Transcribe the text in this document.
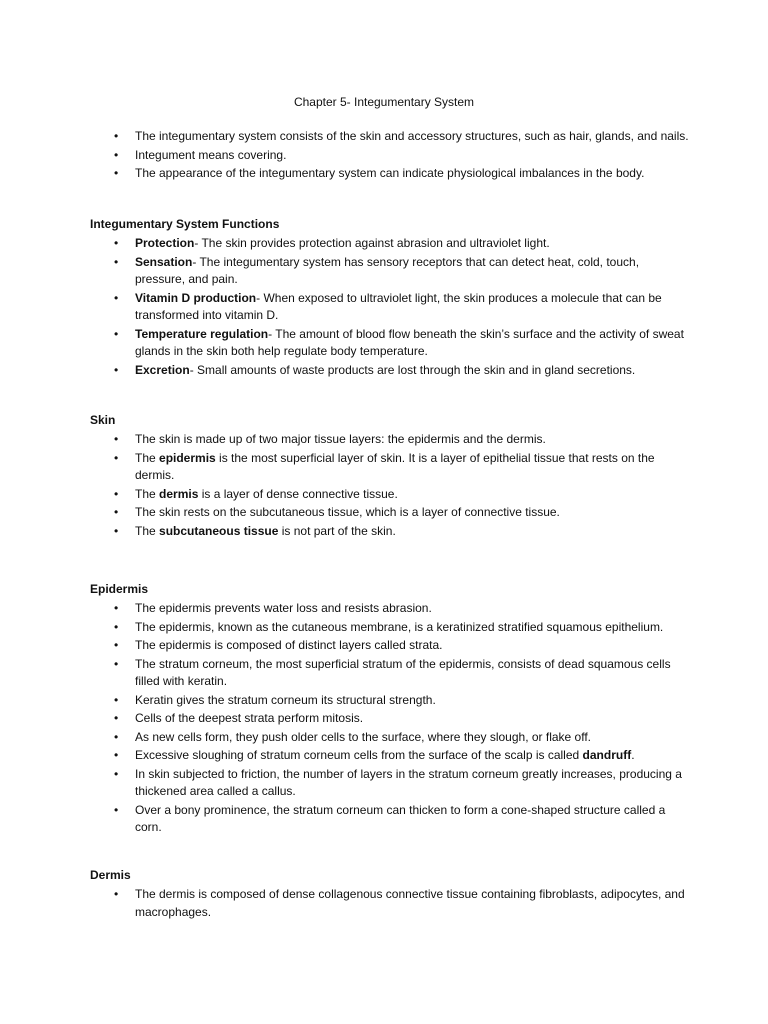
Chapter 5- Integumentary System
• The integumentary system consists of the skin and accessory structures, such as hair, glands, and nails.
• Integument means covering.
• The appearance of the integumentary system can indicate physiological imbalances in the body.
Integumentary System Functions
• Protection- The skin provides protection against abrasion and ultraviolet light.
• Sensation- The integumentary system has sensory receptors that can detect heat, cold, touch, pressure, and pain.
• Vitamin D production- When exposed to ultraviolet light, the skin produces a molecule that can be transformed into vitamin D.
• Temperature regulation- The amount of blood flow beneath the skin’s surface and the activity of sweat glands in the skin both help regulate body temperature.
• Excretion- Small amounts of waste products are lost through the skin and in gland secretions.
Skin
• The skin is made up of two major tissue layers: the epidermis and the dermis.
• The epidermis is the most superficial layer of skin. It is a layer of epithelial tissue that rests on the dermis.
• The dermis is a layer of dense connective tissue.
• The skin rests on the subcutaneous tissue, which is a layer of connective tissue.
• The subcutaneous tissue is not part of the skin.
Epidermis
• The epidermis prevents water loss and resists abrasion.
• The epidermis, known as the cutaneous membrane, is a keratinized stratified squamous epithelium.
• The epidermis is composed of distinct layers called strata.
• The stratum corneum, the most superficial stratum of the epidermis, consists of dead squamous cells filled with keratin.
• Keratin gives the stratum corneum its structural strength.
• Cells of the deepest strata perform mitosis.
• As new cells form, they push older cells to the surface, where they slough, or flake off.
• Excessive sloughing of stratum corneum cells from the surface of the scalp is called dandruff.
• In skin subjected to friction, the number of layers in the stratum corneum greatly increases, producing a thickened area called a callus.
• Over a bony prominence, the stratum corneum can thicken to form a cone-shaped structure called a corn.
Dermis
• The dermis is composed of dense collagenous connective tissue containing fibroblasts, adipocytes, and macrophages.
